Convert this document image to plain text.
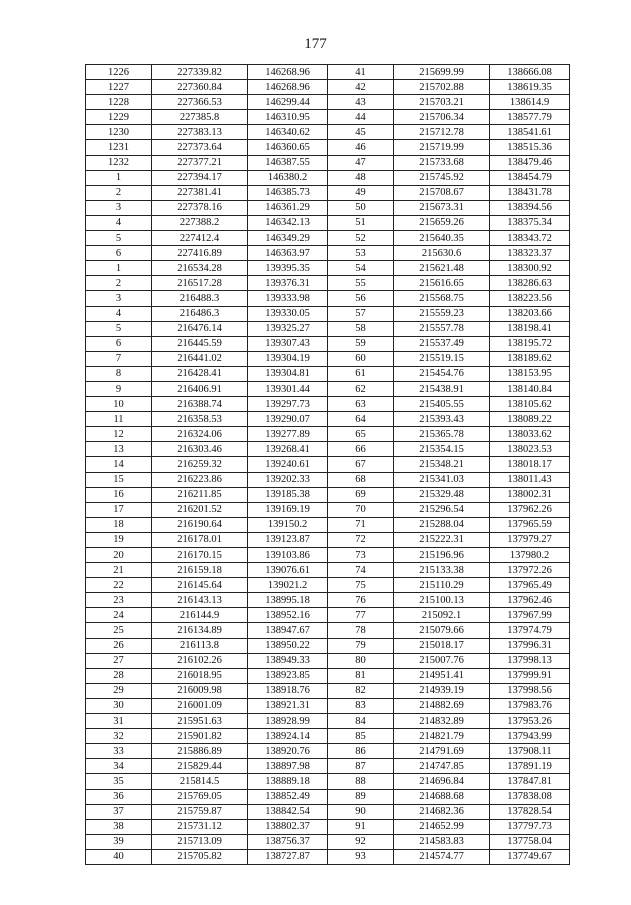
177
1226	227339.82	146268.96	41	215699.99	138666.08
1227	227360.84	146268.96	42	215702.88	138619.35
1228	227366.53	146299.44	43	215703.21	138614.9
1229	227385.8	146310.95	44	215706.34	138577.79
1230	227383.13	146340.62	45	215712.78	138541.61
1231	227373.64	146360.65	46	215719.99	138515.36
1232	227377.21	146387.55	47	215733.68	138479.46
1	227394.17	146380.2	48	215745.92	138454.79
2	227381.41	146385.73	49	215708.67	138431.78
3	227378.16	146361.29	50	215673.31	138394.56
4	227388.2	146342.13	51	215659.26	138375.34
5	227412.4	146349.29	52	215640.35	138343.72
6	227416.89	146363.97	53	215630.6	138323.37
1	216534.28	139395.35	54	215621.48	138300.92
2	216517.28	139376.31	55	215616.65	138286.63
3	216488.3	139333.98	56	215568.75	138223.56
4	216486.3	139330.05	57	215559.23	138203.66
5	216476.14	139325.27	58	215557.78	138198.41
6	216445.59	139307.43	59	215537.49	138195.72
7	216441.02	139304.19	60	215519.15	138189.62
8	216428.41	139304.81	61	215454.76	138153.95
9	216406.91	139301.44	62	215438.91	138140.84
10	216388.74	139297.73	63	215405.55	138105.62
11	216358.53	139290.07	64	215393.43	138089.22
12	216324.06	139277.89	65	215365.78	138033.62
13	216303.46	139268.41	66	215354.15	138023.53
14	216259.32	139240.61	67	215348.21	138018.17
15	216223.86	139202.33	68	215341.03	138011.43
16	216211.85	139185.38	69	215329.48	138002.31
17	216201.52	139169.19	70	215296.54	137962.26
18	216190.64	139150.2	71	215288.04	137965.59
19	216178.01	139123.87	72	215222.31	137979.27
20	216170.15	139103.86	73	215196.96	137980.2
21	216159.18	139076.61	74	215133.38	137972.26
22	216145.64	139021.2	75	215110.29	137965.49
23	216143.13	138995.18	76	215100.13	137962.46
24	216144.9	138952.16	77	215092.1	137967.99
25	216134.89	138947.67	78	215079.66	137974.79
26	216113.8	138950.22	79	215018.17	137996.31
27	216102.26	138949.33	80	215007.76	137998.13
28	216018.95	138923.85	81	214951.41	137999.91
29	216009.98	138918.76	82	214939.19	137998.56
30	216001.09	138921.31	83	214882.69	137983.76
31	215951.63	138928.99	84	214832.89	137953.26
32	215901.82	138924.14	85	214821.79	137943.99
33	215886.89	138920.76	86	214791.69	137908.11
34	215829.44	138897.98	87	214747.85	137891.19
35	215814.5	138889.18	88	214696.84	137847.81
36	215769.05	138852.49	89	214688.68	137838.08
37	215759.87	138842.54	90	214682.36	137828.54
38	215731.12	138802.37	91	214652.99	137797.73
39	215713.09	138756.37	92	214583.83	137758.04
40	215705.82	138727.87	93	214574.77	137749.67
